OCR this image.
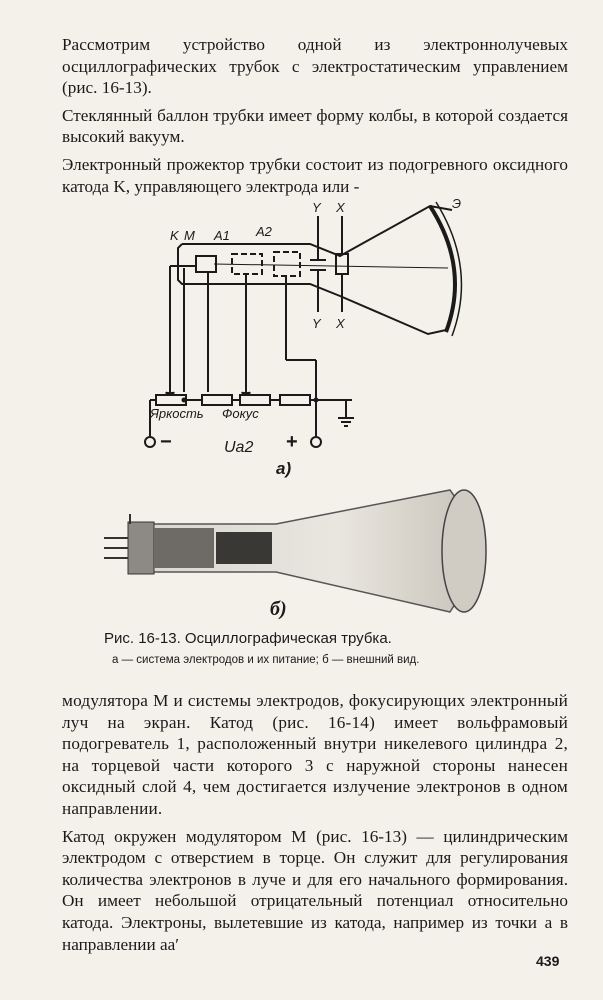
Рассмотрим устройство одной из электроннолучевых осциллографических трубок с электростатическим управлением (рис. 16-13).

Стеклянный баллон трубки имеет форму колбы, в которой создается высокий вакуум.

Электронный прожектор трубки состоит из подогревного оксидного катода K, управляющего электрода или -

K M A1 A2
Y X
Y X
Э
Яркость Фокус
−	+
Ua2
а)
б)
Рис. 16-13. Осциллографическая трубка.
а — система электродов и их питание; б — внешний вид.

модулятора M и системы электродов, фокусирующих электронный луч на экран. Катод (рис. 16-14) имеет вольфрамовый подогреватель 1, расположенный внутри никелевого цилиндра 2, на торцевой части которого 3 с наружной стороны нанесен оксидный слой 4, чем достигается излучение электронов в одном направлении.

Катод окружен модулятором M (рис. 16-13) — цилиндрическим электродом с отверстием в торце. Он служит для регулирования количества электронов в луче и для его начального формирования. Он имеет небольшой отрицательный потенциал относительно катода. Электроны, вылетевшие из катода, например из точки a в направлении aa′

439
